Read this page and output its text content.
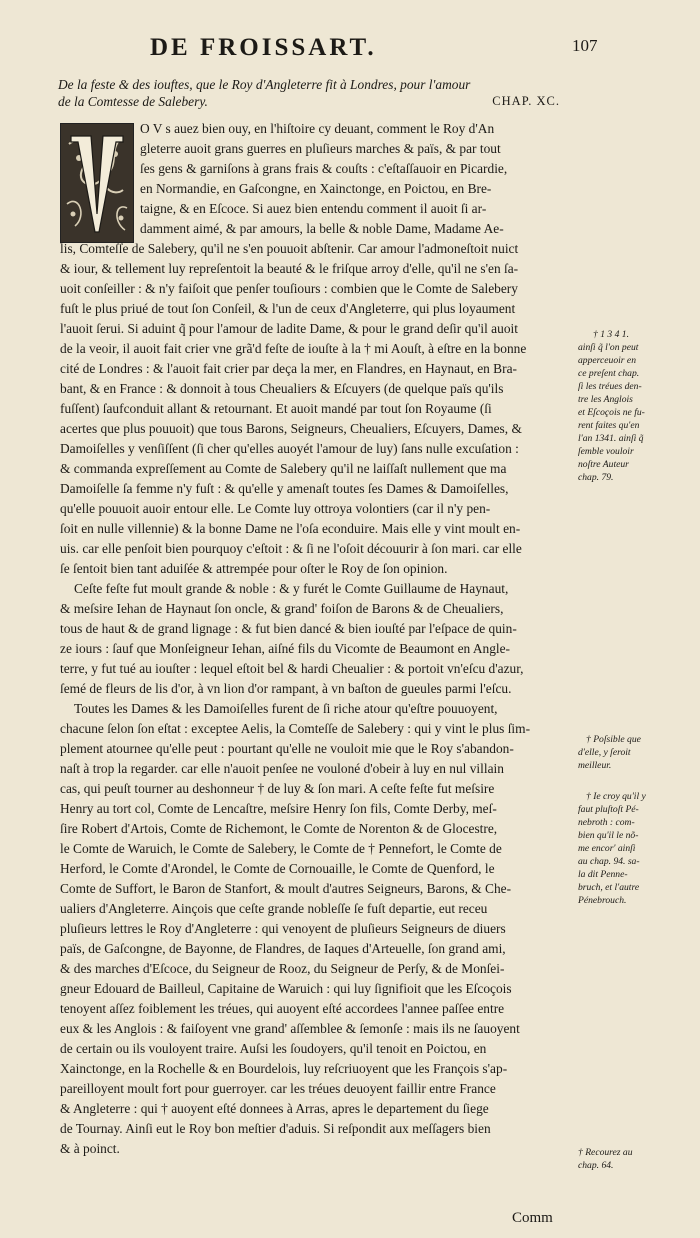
DE FROISSART.	107
De la feste & des iouftes, que le Roy d'Angleterre fit à Londres, pour l'amour
de la Comtesse de Salebery.	CHAP. XC.
O V s auez bien ouy, en l'hiſtoire cy deuant, comment le Roy d'An
gleterre auoit grans guerres en pluſieurs marches & païs, & par tout
ſes gens & garniſons à grans frais & couſts : c'eſtaſſauoir en Picardie,
en Normandie, en Gaſcongne, en Xainctonge, en Poictou, en Bre-
taigne, & en Eſcoce. Si auez bien entendu comment il auoit ſi ar-
damment aimé, & par amours, la belle & noble Dame, Madame Ae-
lis, Comteſſe de Salebery, qu'il ne s'en pouuoit abſtenir. Car amour l'admoneſtoit nuict
& iour, & tellement luy repreſentoit la beauté & le friſque arroy d'elle, qu'il ne s'en ſa-
uoit conſeiller : & n'y faiſoit que penſer touſiours : combien que le Comte de Salebery
fuſt le plus priué de tout ſon Conſeil, & l'un de ceux d'Angleterre, qui plus loyaument
l'auoit ſerui. Si aduint q̃ pour l'amour de ladite Dame, & pour le grand deſir qu'il auoit
de la veoir, il auoit fait crier vne grã'd feſte de iouſte à la † mi Aouſt, à eſtre en la bonne
cité de Londres : & l'auoit fait crier par deça la mer, en Flandres, en Haynaut, en Bra-
bant, & en France : & donnoit à tous Cheualiers & Eſcuyers (de quelque païs qu'ils
fuſſent) ſaufconduit allant & retournant. Et auoit mandé par tout ſon Royaume (ſi
acertes que plus pouuoit) que tous Barons, Seigneurs, Cheualiers, Eſcuyers, Dames, &
Damoiſelles y venſiſſent (ſi cher qu'elles auoyét l'amour de luy) ſans nulle excuſation :
& commanda expreſſement au Comte de Salebery qu'il ne laiſſaſt nullement que ma
Damoiſelle ſa femme n'y fuſt : & qu'elle y amenaſt toutes ſes Dames & Damoiſelles,
qu'elle pouuoit auoir entour elle. Le Comte luy ottroya volontiers (car il n'y pen-
ſoit en nulle villennie) & la bonne Dame ne l'oſa econduire. Mais elle y vint moult en-
uis. car elle penſoit bien pourquoy c'eſtoit : & ſi ne l'oſoit découurir à ſon mari. car elle
ſe ſentoit bien tant aduiſée & attrempée pour oſter le Roy de ſon opinion.
Ceſte feſte fut moult grande & noble : & y furét le Comte Guillaume de Haynaut,
& meſsire Iehan de Haynaut ſon oncle, & grand' foiſon de Barons & de Cheualiers,
tous de haut & de grand lignage : & fut bien dancé & bien iouſté par l'eſpace de quin-
ze iours : ſauf que Monſeigneur Iehan, aiſné fils du Vicomte de Beaumont en Angle-
terre, y fut tué au iouſter : lequel eſtoit bel & hardi Cheualier : & portoit vn'eſcu d'azur,
ſemé de fleurs de lis d'or, à vn lion d'or rampant, à vn baſton de gueules parmi l'eſcu.
Toutes les Dames & les Damoiſelles furent de ſi riche atour qu'eſtre pouuoyent,
chacune ſelon ſon eſtat : exceptee Aelis, la Comteſſe de Salebery : qui y vint le plus ſim-
plement atournee qu'elle peut : pourtant qu'elle ne vouloit mie que le Roy s'abandon-
naſt à trop la regarder. car elle n'auoit penſee ne vouloné d'obeir à luy en nul villain
cas, qui peuſt tourner au deshonneur † de luy & ſon mari. A ceſte feſte fut meſsire
Henry au tort col, Comte de Lencaſtre, meſsire Henry ſon fils, Comte Derby, meſ-
ſire Robert d'Artois, Comte de Richemont, le Comte de Norenton & de Glocestre,
le Comte de Waruich, le Comte de Salebery, le Comte de † Pennefort, le Comte de
Herford, le Comte d'Arondel, le Comte de Cornouaille, le Comte de Quenford, le
Comte de Suffort, le Baron de Stanfort, & moult d'autres Seigneurs, Barons, & Che-
ualiers d'Angleterre. Ainçois que ceſte grande nobleſſe ſe fuſt departie, eut receu
pluſieurs lettres le Roy d'Angleterre : qui venoyent de pluſieurs Seigneurs de diuers
païs, de Gaſcongne, de Bayonne, de Flandres, de Iaques d'Arteuelle, ſon grand ami,
& des marches d'Eſcoce, du Seigneur de Rooz, du Seigneur de Perſy, & de Monſei-
gneur Edouard de Bailleul, Capitaine de Waruich : qui luy ſignifioit que les Eſcoçois
tenoyent aſſez foiblement les tréues, qui auoyent eſté accordees l'annee paſſee entre
eux & les Anglois : & faiſoyent vne grand' aſſemblee & ſemonſe : mais ils ne ſauoyent
de certain ou ils vouloyent traire. Auſsi les ſoudoyers, qu'il tenoit en Poictou, en
Xainctonge, en la Rochelle & en Bourdelois, luy reſcriuoyent que les François s'ap-
pareilloyent moult fort pour guerroyer. car les tréues deuoyent faillir entre France
& Angleterre : qui † auoyent eſté donnees à Arras, apres le departement du ſiege
de Tournay. Ainſi eut le Roy bon meſtier d'aduis. Si reſpondit aux meſſagers bien
& à poinct.
† 1 3 4 1.
ainſi q̃ l'on peut
apperceuoir en
ce preſent chap.
ſi les tréues den-
tre les Anglois
et Eſcoçois ne fu-
rent faites qu'en
l'an 1341. ainſi q̃
ſemble vouloir
noſtre Auteur
chap. 79.
† Poſsible que
d'elle, y ſeroit
meilleur.
† Ie croy qu'il y
faut pluſtoſt Pé-
nebroth : com-
bien qu'il le nõ-
me encor' ainſi
au chap. 94. sa-
la dit Penne-
bruch, et l'autre
Pénebrouch.
† Recourez au
chap. 64.
Comm
